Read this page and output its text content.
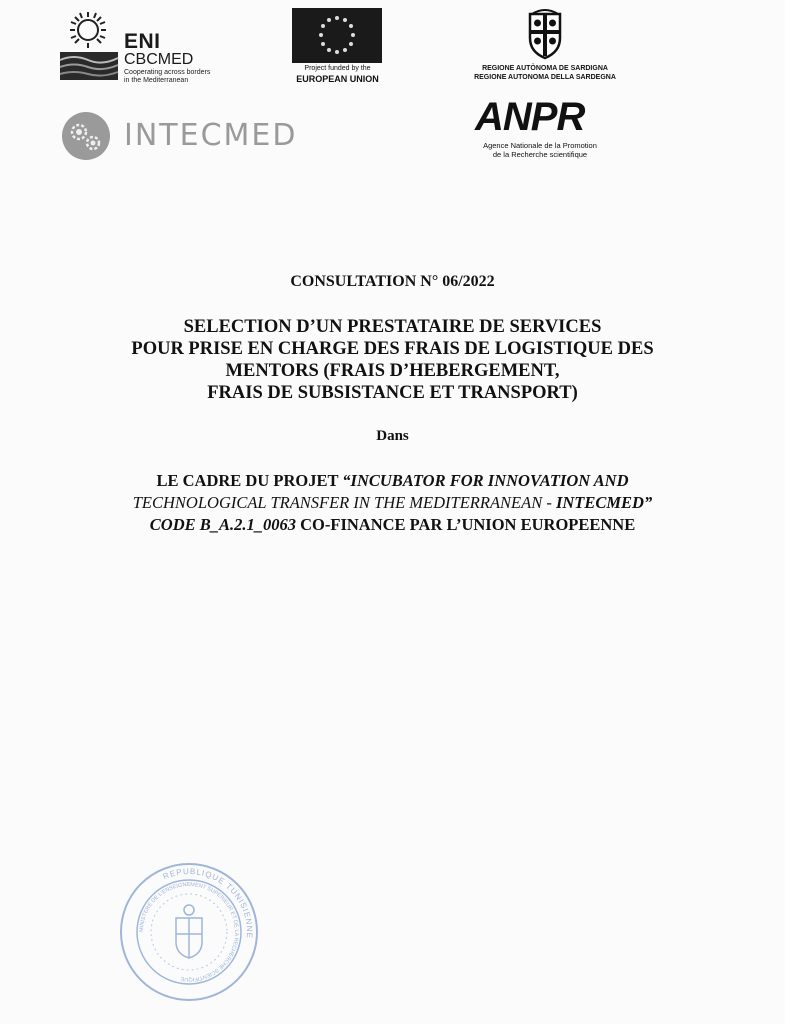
ENI
CBCMED
Cooperating across borders
in the Mediterranean
Project funded by the
EUROPEAN UNION
REGIONE AUTÒNOMA DE SARDIGNA
REGIONE AUTONOMA DELLA SARDEGNA
INTECMED	ANPR
Agence Nationale de la Promotion
de la Recherche scientifique
CONSULTATION N° 06/2022
SELECTION D’UN PRESTATAIRE DE SERVICES
POUR PRISE EN CHARGE DES FRAIS DE LOGISTIQUE DES
MENTORS (FRAIS D’HEBERGEMENT,
FRAIS DE SUBSISTANCE ET TRANSPORT)
Dans
LE CADRE DU PROJET “INCUBATOR FOR INNOVATION AND
TECHNOLOGICAL TRANSFER IN THE MEDITERRANEAN - INTECMED”
CODE B_A.2.1_0063 CO-FINANCE PAR L’UNION EUROPEENNE
REPUBLIQUE TUNISIENNE
MINISTERE DE L'ENSEIGNEMENT SUPERIEUR ET DE LA RECHERCHE SCIENTIFIQUE
